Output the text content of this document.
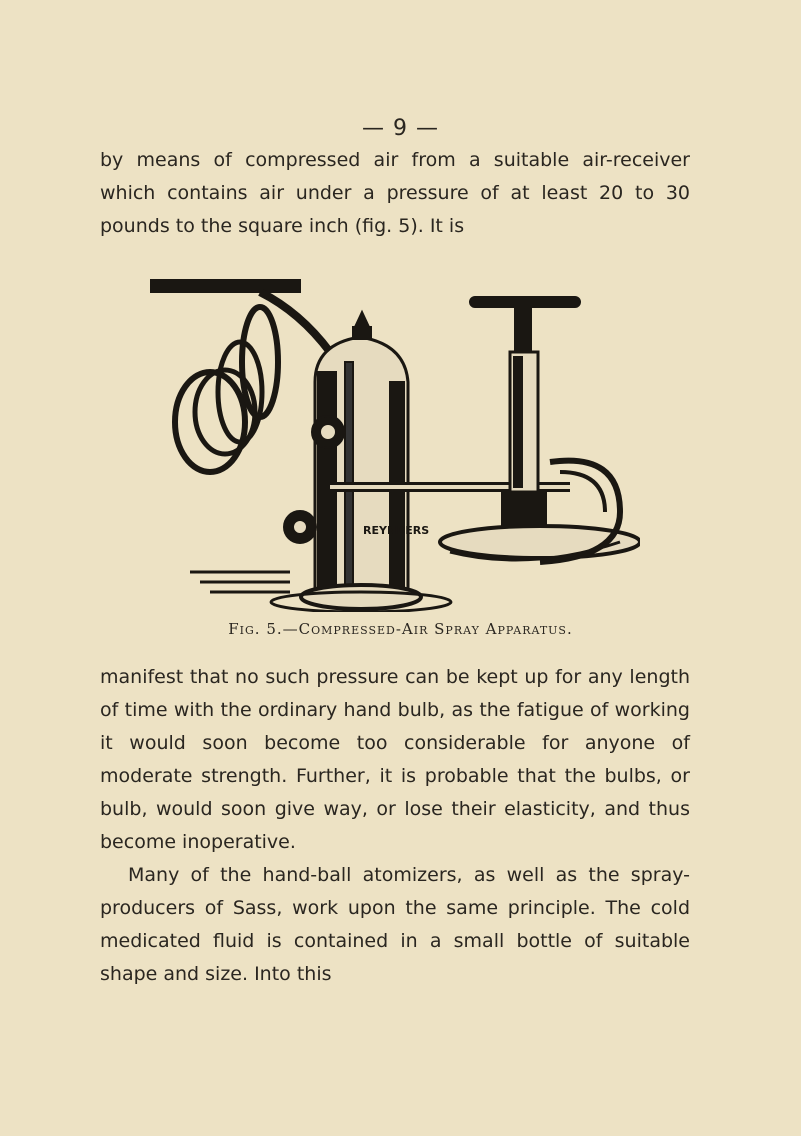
— 9 —

by means of compressed air from a suitable air-receiver which contains air under a pressure of at least 20 to 30 pounds to the square inch (fig. 5). It is

REYNDERS
Fig. 5.—Compressed-Air Spray Apparatus.

manifest that no such pressure can be kept up for any length of time with the ordinary hand bulb, as the fatigue of working it would soon become too considerable for anyone of moderate strength. Further, it is probable that the bulbs, or bulb, would soon give way, or lose their elasticity, and thus become inoperative.

Many of the hand-ball atomizers, as well as the spray-producers of Sass, work upon the same principle. The cold medicated fluid is contained in a small bottle of suitable shape and size. Into this
